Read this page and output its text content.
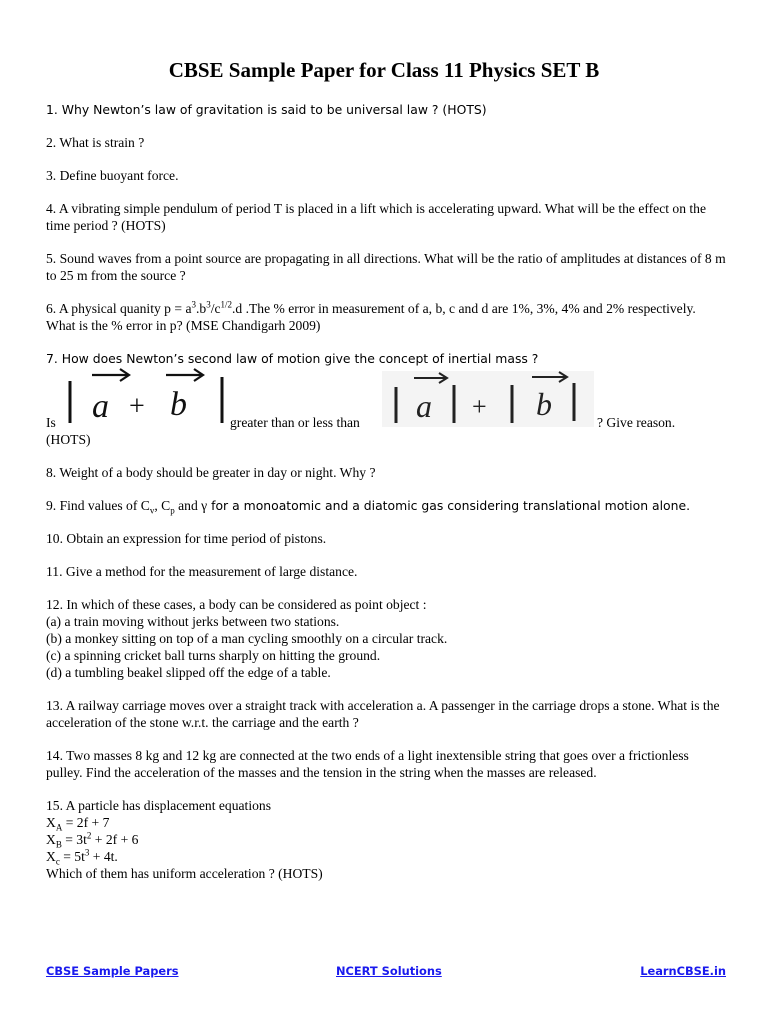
CBSE Sample Paper for Class 11 Physics SET B

1. Why Newton’s law of gravitation is said to be universal law ? (HOTS)

2. What is strain ?

3. Define buoyant force.

4. A vibrating simple pendulum of period T is placed in a lift which is accelerating upward. What will be the effect on the time period ? (HOTS)

5. Sound waves from a point source are propagating in all directions. What will be the ratio of amplitudes at distances of 8 m to 25 m from the source ?

6. A physical quanity $p = a^3.b^3/c^{1/2}.d$ .The % error in measurement of a, b, c and d are 1%, 3%, 4% and 2% respectively. What is the % error in p? (MSE Chandigarh 2009)

7. How does Newton’s second law of motion give the concept of inertial mass ?

Is a + b	greater than or less than a + b
? Give reason.

(HOTS)

8. Weight of a body should be greater in day or night. Why ?

9. Find values of $C_v$, $C_p$ and γ for a monoatomic and a diatomic gas considering translational motion alone.

10. Obtain an expression for time period of pistons.

11. Give a method for the measurement of large distance.

12. In which of these cases, a body can be considered as point object :

(a) a train moving without jerks between two stations.

(b) a monkey sitting on top of a man cycling smoothly on a circular track.

(c) a spinning cricket ball turns sharply on hitting the ground.

(d) a tumbling beakel slipped off the edge of a table.

13. A railway carriage moves over a straight track with acceleration a. A passenger in the carriage drops a stone. What is the acceleration of the stone w.r.t. the carriage and the earth ?

14. Two masses 8 kg and 12 kg are connected at the two ends of a light inextensible string that goes over a frictionless pulley. Find the acceleration of the masses and the tension in the string when the masses are released.

15. A particle has displacement equations

$X_A = 2f + 7$

$X_B = 3t^2 + 2f + 6$

$X_c = 5t^3 + 4t$.

Which of them has uniform acceleration ? (HOTS)

CBSE Sample Papers	NCERT Solutions	LearnCBSE.in
